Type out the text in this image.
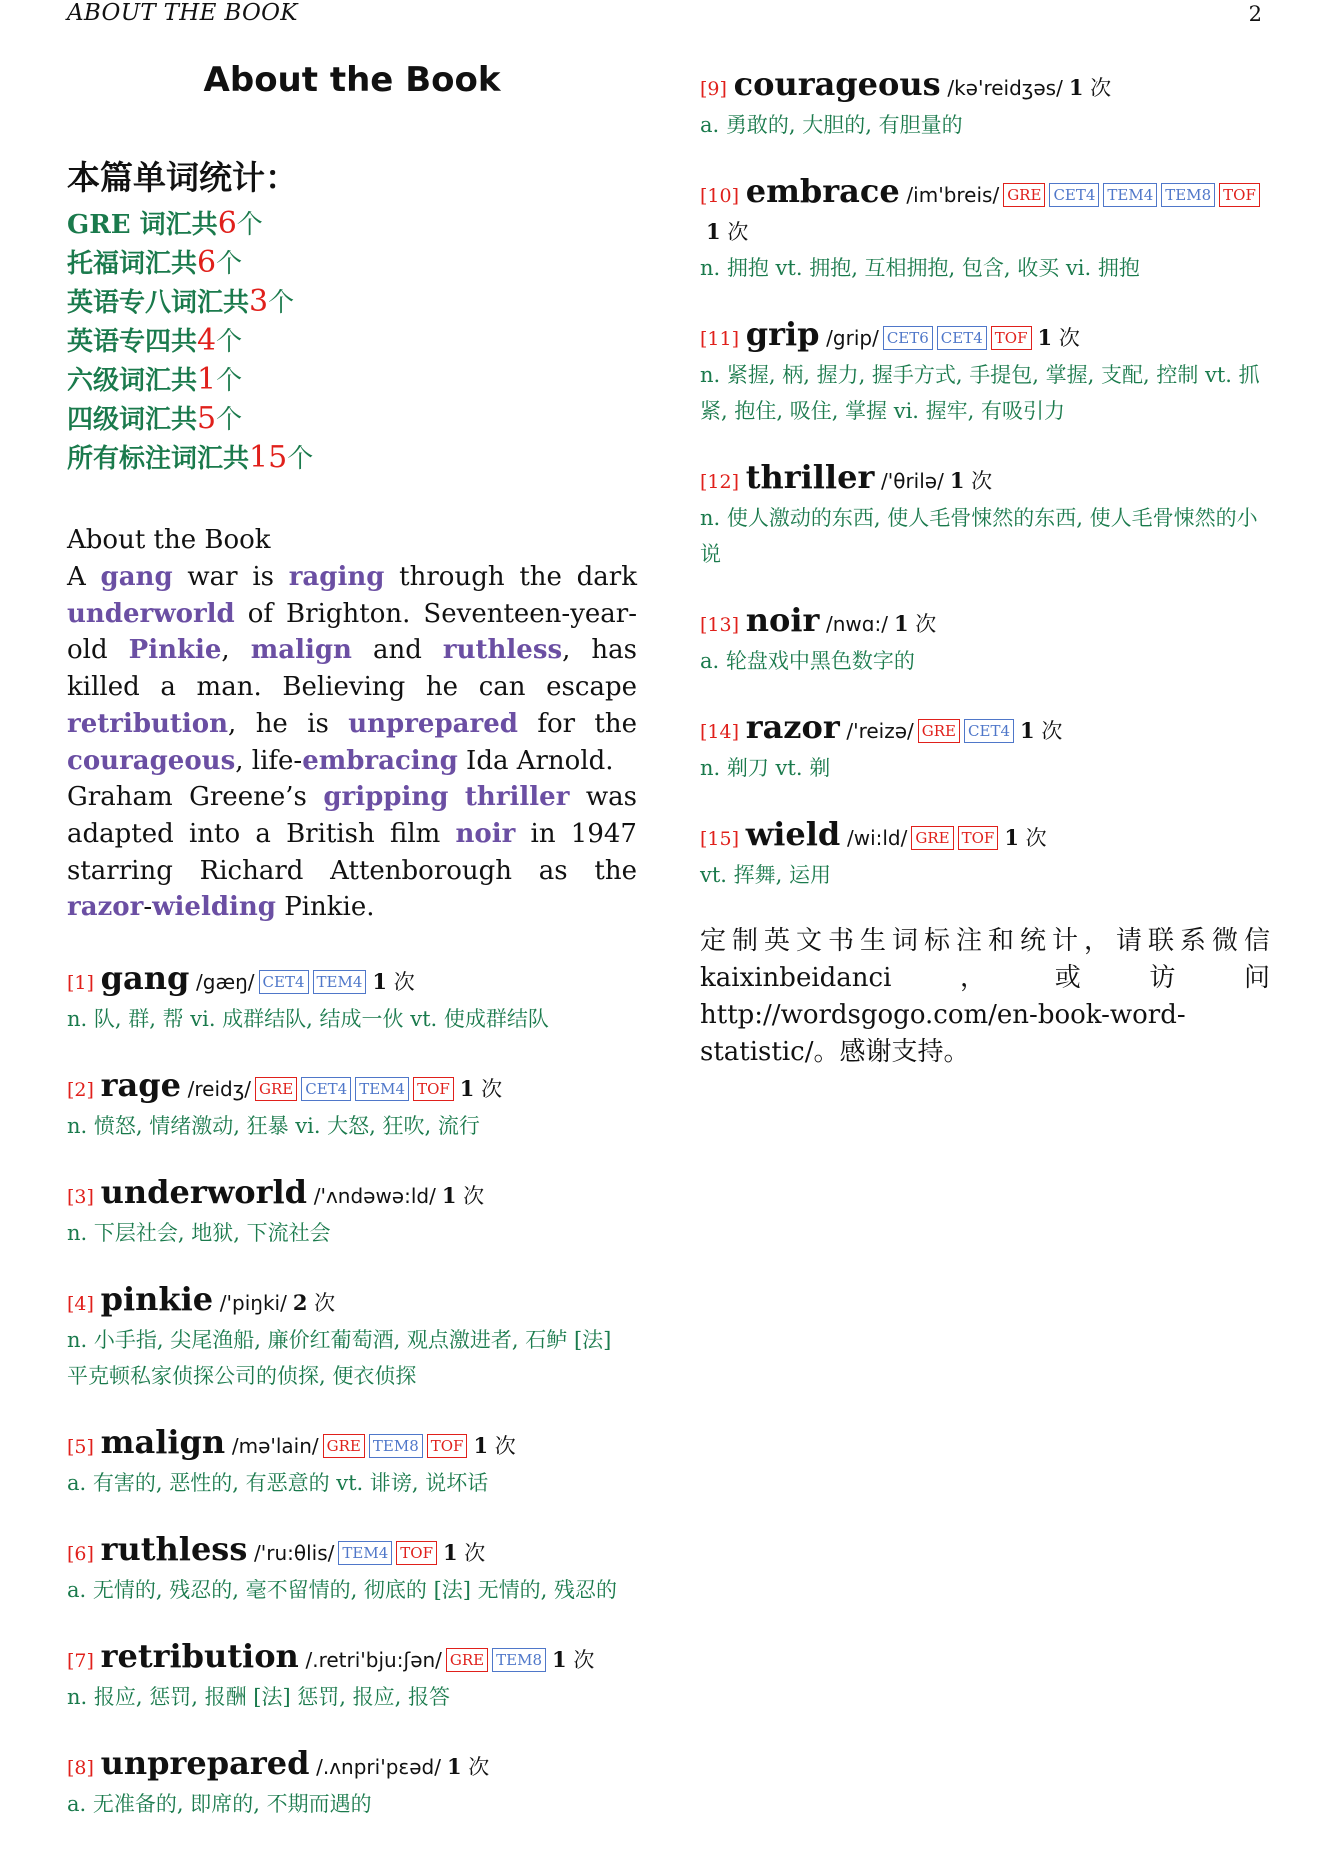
ABOUT THE BOOK	2
About the Book
本篇单词统计：
GRE 词汇共6个
托福词汇共6个
英语专八词汇共3个
英语专四共4个
六级词汇共1个
四级词汇共5个
所有标注词汇共15个
About the Book
A gang war is raging through the dark underworld of Brighton. Seventeen-year-old Pinkie, malign and ruthless, has killed a man. Believing he can escape retribution, he is unprepared for the courageous, life-embracing Ida Arnold.
Graham Greene’s gripping thriller was adapted into a British film noir in 1947 starring Richard Attenborough as the razor-wielding Pinkie.
[1] gang /gæŋ/ CET4 TEM4 1 次
n. 队, 群, 帮 vi. 成群结队, 结成一伙 vt. 使成群结队
[2] rage /reidʒ/ GRE CET4 TEM4 TOF 1 次
n. 愤怒, 情绪激动, 狂暴 vi. 大怒, 狂吹, 流行
[3] underworld /'ʌndəwə:ld/ 1 次
n. 下层社会, 地狱, 下流社会
[4] pinkie /'piŋki/ 2 次
n. 小手指, 尖尾渔船, 廉价红葡萄酒, 观点激进者, 石鲈 [法] 平克顿私家侦探公司的侦探, 便衣侦探
[5] malign /mə'lain/ GRE TEM8 TOF 1 次
a. 有害的, 恶性的, 有恶意的 vt. 诽谤, 说坏话
[6] ruthless /'ru:θlis/ TEM4 TOF 1 次
a. 无情的, 残忍的, 毫不留情的, 彻底的 [法] 无情的, 残忍的
[7] retribution /.retri'bju:ʃən/ GRE TEM8 1 次
n. 报应, 惩罚, 报酬 [法] 惩罚, 报应, 报答
[8] unprepared /.ʌnpri'pɛəd/ 1 次
a. 无准备的, 即席的, 不期而遇的
[9] courageous /kə'reidʒəs/ 1 次
a. 勇敢的, 大胆的, 有胆量的
[10] embrace /im'breis/ GRE CET4 TEM4 TEM8 TOF1 次
n. 拥抱 vt. 拥抱, 互相拥抱, 包含, 收买 vi. 拥抱
[11] grip /grip/ CET6 CET4 TOF 1 次
n. 紧握, 柄, 握力, 握手方式, 手提包, 掌握, 支配, 控制 vt. 抓紧, 抱住, 吸住, 掌握 vi. 握牢, 有吸引力
[12] thriller /'θrilə/ 1 次
n. 使人激动的东西, 使人毛骨悚然的东西, 使人毛骨悚然的小说
[13] noir /nwɑ:/ 1 次
a. 轮盘戏中黑色数字的
[14] razor /'reizə/ GRE CET4 1 次
n. 剃刀 vt. 剃
[15] wield /wi:ld/ GRE TOF 1 次
vt. 挥舞, 运用
定制英文书生词标注和统计，请联系微信 kaixinbeidanci，或访问 http://wordsgogo.com/en-book-word-statistic/。感谢支持。
